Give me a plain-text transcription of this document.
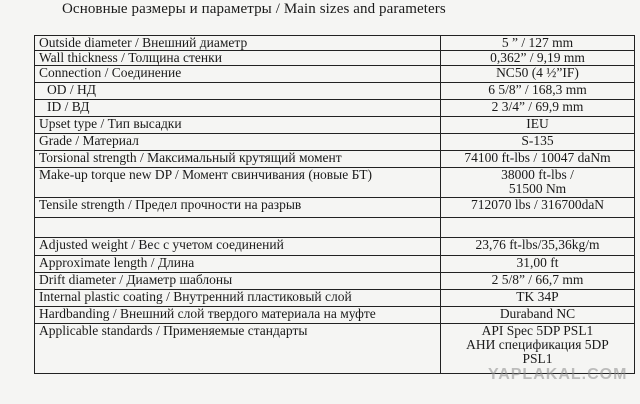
Основные размеры и параметры / Main sizes and parameters
Outside diameter / Внешний диаметр	5 ” / 127 mm

Wall thickness / Толщина стенки	0,362” / 9,19 mm

Connection / Соединение	NC50 (4 ½”IF)

OD / НД	6 5/8” / 168,3 mm

ID / ВД	2 3/4” / 69,9 mm

Upset type / Тип высадки	IEU

Grade / Материал	S-135

Torsional strength / Максимальный крутящий момент	74100 ft-lbs / 10047 daNm

Make-up torque new DP / Момент свинчивания (новые БТ)	38000 ft-lbs /
51500 Nm

Tensile strength / Предел прочности на разрыв	712070 lbs / 316700daN

Adjusted weight / Вес с учетом соединений	23,76 ft-lbs/35,36kg/m

Approximate length / Длина	31,00 ft

Drift diameter / Диаметр шаблоны	2 5/8” / 66,7 mm

Internal plastic coating / Внутренний пластиковый слой	TK 34P

Hardbanding / Внешний слой твердого материала на муфте	Duraband NC

Applicable standards / Применяемые стандарты	API Spec 5DP PSL1
АНИ спецификация 5DP
PSL1
YAPLAKAL.COM
